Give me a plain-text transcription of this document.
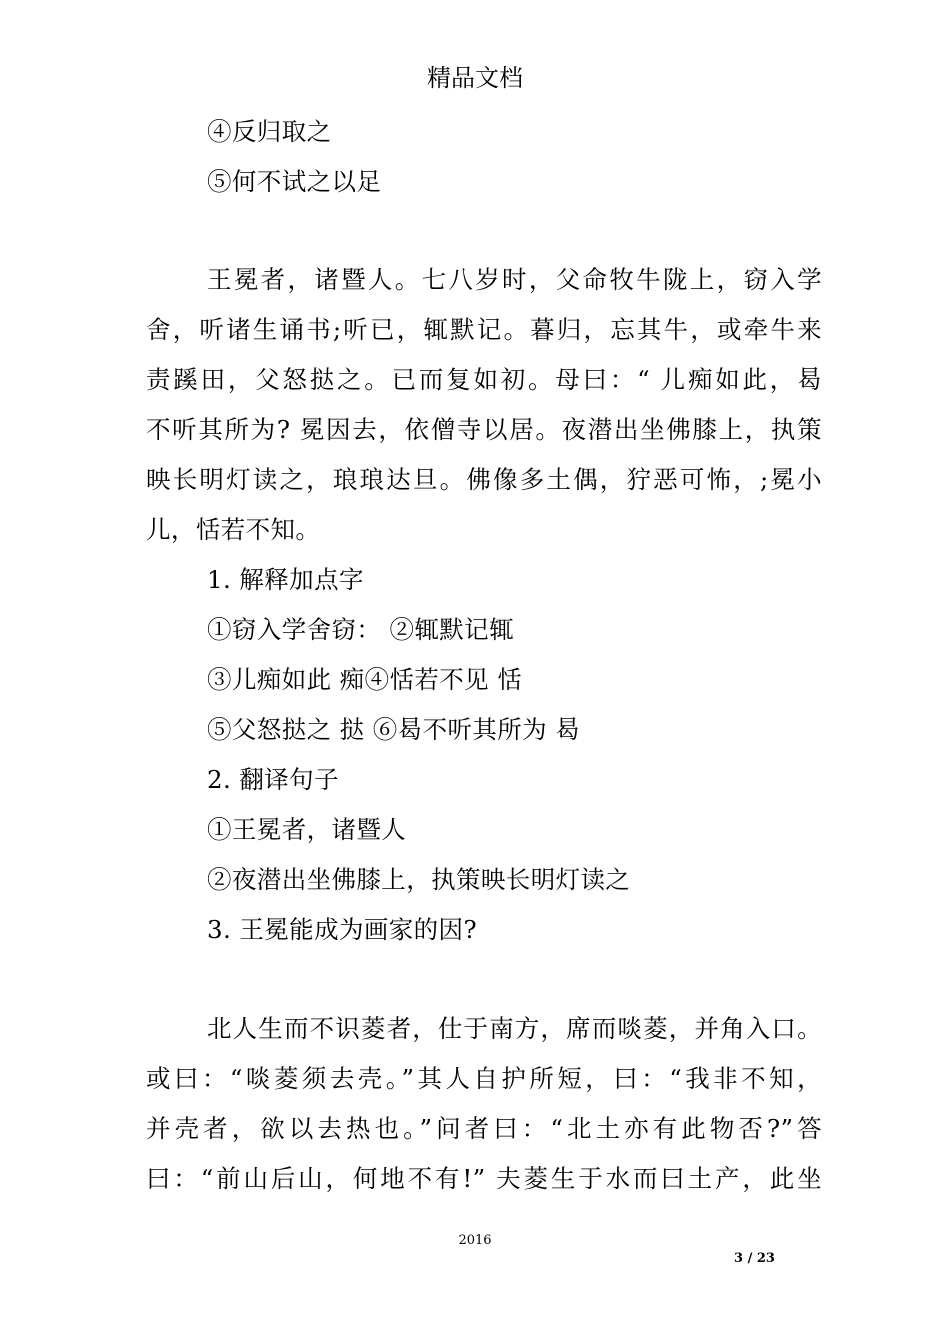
精品文档
④反归取之
⑤何不试之以足
王冕者，诸暨人。七八岁时，父命牧牛陇上，窃入学
舍，听诸生诵书;听已，辄默记。暮归，忘其牛，或牵牛来
责蹊田，父怒挞之。已而复如初。母曰：“ 儿痴如此，曷
不听其所为? 冕因去，依僧寺以居。夜潜出坐佛膝上，执策
映长明灯读之，琅琅达旦。佛像多土偶，狞恶可怖，;冕小
儿，恬若不知。
1. 解释加点字
①窃入学舍窃： ②辄默记辄
③儿痴如此 痴④恬若不见 恬
⑤父怒挞之 挞 ⑥曷不听其所为 曷
2. 翻译句子
①王冕者，诸暨人
②夜潜出坐佛膝上，执策映长明灯读之
3. 王冕能成为画家的因?
北人生而不识菱者，仕于南方，席而啖菱，并角入口。
或曰：“啖菱须去壳。”其人自护所短，曰：“我非不知，
并壳者，欲以去热也。”问者曰：“北土亦有此物否?”答
曰：“前山后山，何地不有!” 夫菱生于水而曰土产，此坐
2016
3 / 23
